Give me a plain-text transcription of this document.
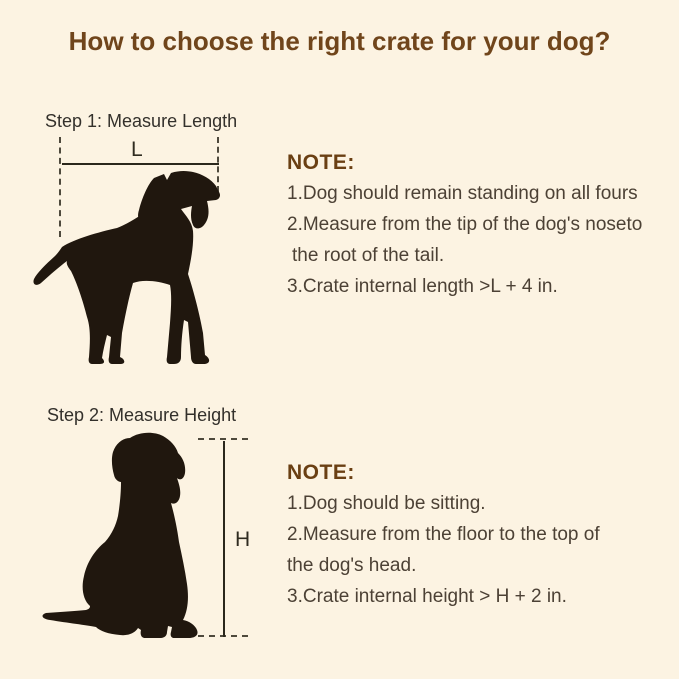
How to choose the right crate for your dog?
Step 1: Measure Length
L
NOTE:
1.Dog should remain standing on all fours
2.Measure from the tip of the dog's noseto
the root of the tail.
3.Crate internal length >L + 4 in.
Step 2: Measure Height
H
NOTE:
1.Dog should be sitting.
2.Measure from the floor to the top of
the dog's head.
3.Crate internal height > H + 2 in.
